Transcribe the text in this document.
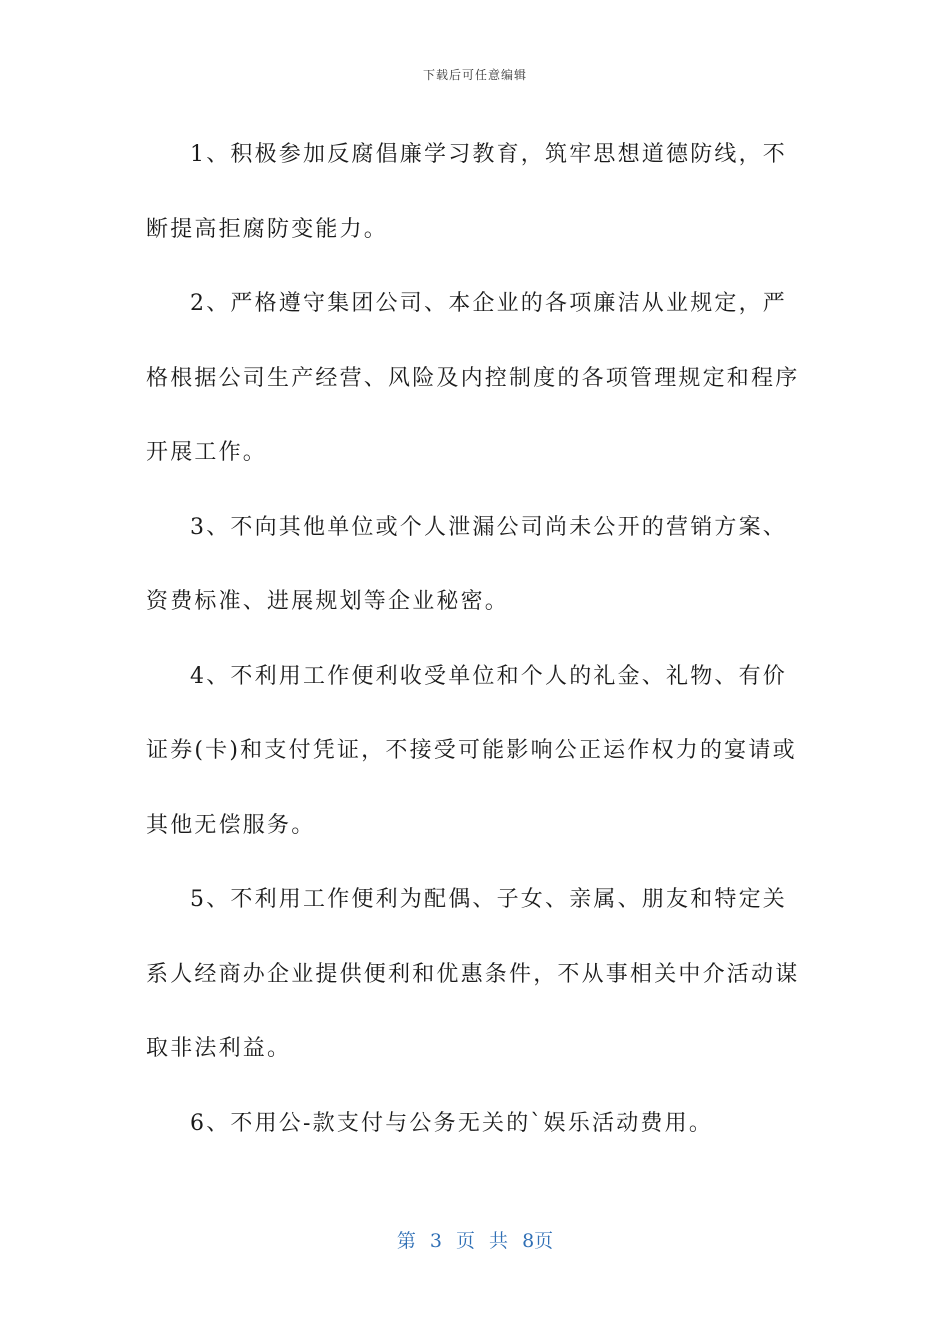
下载后可任意编辑

1、积极参加反腐倡廉学习教育，筑牢思想道德防线，不断提高拒腐防变能力。

2、严格遵守集团公司、本企业的各项廉洁从业规定，严格根据公司生产经营、风险及内控制度的各项管理规定和程序开展工作。

3、不向其他单位或个人泄漏公司尚未公开的营销方案、资费标准、进展规划等企业秘密。

4、不利用工作便利收受单位和个人的礼金、礼物、有价证券(卡)和支付凭证，不接受可能影响公正运作权力的宴请或其他无偿服务。

5、不利用工作便利为配偶、子女、亲属、朋友和特定关系人经商办企业提供便利和优惠条件，不从事相关中介活动谋取非法利益。

6、不用公-款支付与公务无关的`娱乐活动费用。

第 3 页 共 8页
